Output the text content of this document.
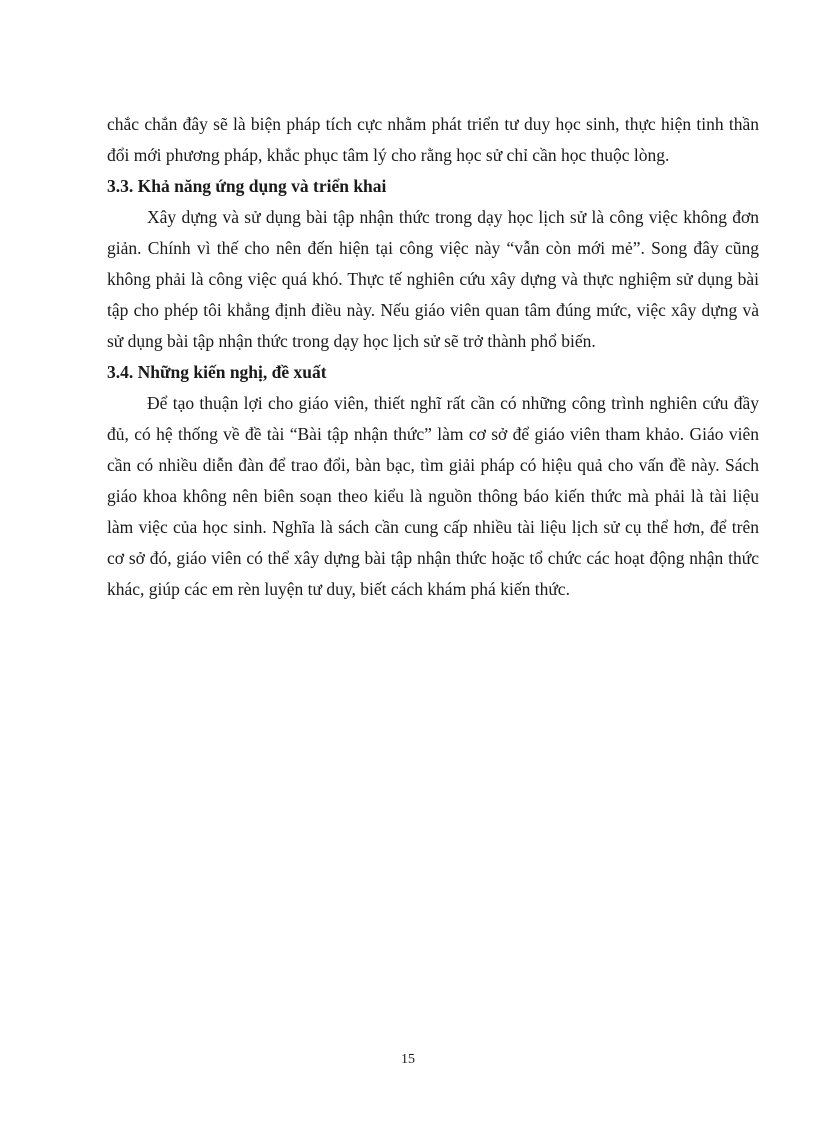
chắc chắn đây sẽ là biện pháp tích cực nhằm phát triển tư duy học sinh, thực hiện tinh thần đổi mới phương pháp, khắc phục tâm lý cho rằng học sử chỉ cần học thuộc lòng.

3.3. Khả năng ứng dụng và triển khai

Xây dựng và sử dụng bài tập nhận thức trong dạy học lịch sử là công việc không đơn giản. Chính vì thế cho nên đến hiện tại công việc này “vẫn còn mới mẻ”. Song đây cũng không phải là công việc quá khó. Thực tế nghiên cứu xây dựng và thực nghiệm sử dụng bài tập cho phép tôi khẳng định điều này. Nếu giáo viên quan tâm đúng mức, việc xây dựng và sử dụng bài tập nhận thức trong dạy học lịch sử sẽ trở thành phổ biến.

3.4. Những kiến nghị, đề xuất

Để tạo thuận lợi cho giáo viên, thiết nghĩ rất cần có những công trình nghiên cứu đầy đủ, có hệ thống về đề tài “Bài tập nhận thức” làm cơ sở để giáo viên tham khảo. Giáo viên cần có nhiều diễn đàn để trao đổi, bàn bạc, tìm giải pháp có hiệu quả cho vấn đề này. Sách giáo khoa không nên biên soạn theo kiểu là nguồn thông báo kiến thức mà phải là tài liệu làm việc của học sinh. Nghĩa là sách cần cung cấp nhiều tài liệu lịch sử cụ thể hơn, để trên cơ sở đó, giáo viên có thể xây dựng bài tập nhận thức hoặc tổ chức các hoạt động nhận thức khác, giúp các em rèn luyện tư duy, biết cách khám phá kiến thức.

15
